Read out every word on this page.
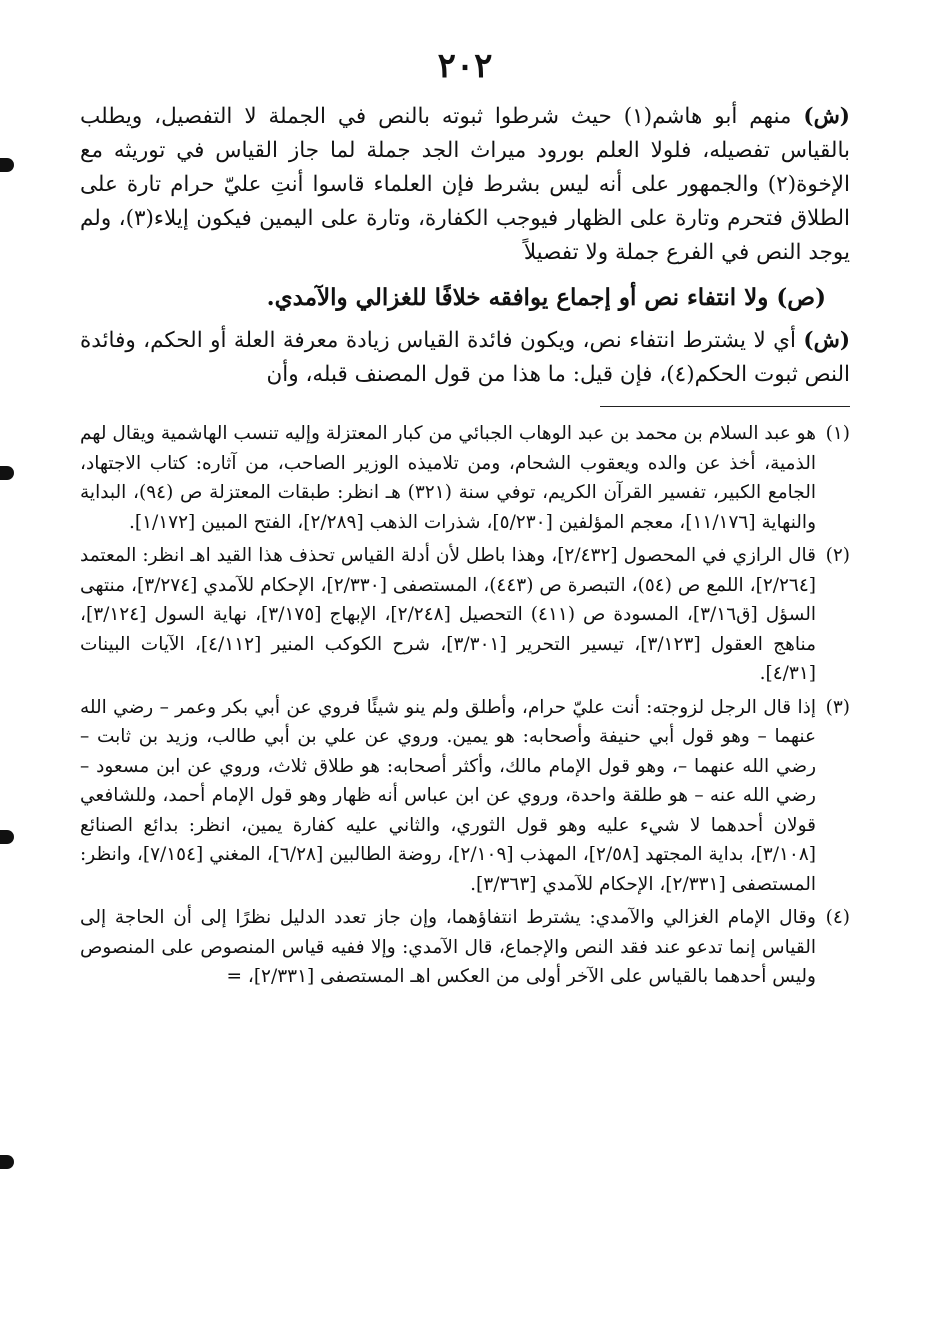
٢٠٢
(ش) منهم أبو هاشم(١) حيث شرطوا ثبوته بالنص في الجملة لا التفصيل، ويطلب بالقياس تفصيله، فلولا العلم بورود ميراث الجد جملة لما جاز القياس في توريثه مع الإخوة(٢) والجمهور على أنه ليس بشرط فإن العلماء قاسوا أنتِ عليّ حرام تارة على الطلاق فتحرم وتارة على الظهار فيوجب الكفارة، وتارة على اليمين فيكون إيلاء(٣)، ولم يوجد النص في الفرع جملة ولا تفصيلاً
(ص) ولا انتفاء نص أو إجماع يوافقه خلافًا للغزالي والآمدي.
(ش) أي لا يشترط انتفاء نص، ويكون فائدة القياس زيادة معرفة العلة أو الحكم، وفائدة النص ثبوت الحكم(٤)، فإن قيل: ما هذا من قول المصنف قبله، وأن
(١)
هو عبد السلام بن محمد بن عبد الوهاب الجبائي من كبار المعتزلة وإليه تنسب الهاشمية ويقال لهم الذمية، أخذ عن والده ويعقوب الشحام، ومن تلاميذه الوزير الصاحب، من آثاره: كتاب الاجتهاد، الجامع الكبير، تفسير القرآن الكريم، توفي سنة (٣٢١) هـ انظر: طبقات المعتزلة ص (٩٤)، البداية والنهاية [١١/١٧٦]، معجم المؤلفين [٥/٢٣٠]، شذرات الذهب [٢/٢٨٩]، الفتح المبين [١/١٧٢].
(٢)
قال الرازي في المحصول [٢/٤٣٢]، وهذا باطل لأن أدلة القياس تحذف هذا القيد اهـ انظر: المعتمد [٢/٢٦٤]، اللمع ص (٥٤)، التبصرة ص (٤٤٣)، المستصفى [٢/٣٣٠]، الإحكام للآمدي [٣/٢٧٤]، منتهى السؤل [ق٣/١٦]، المسودة ص (٤١١) التحصيل [٢/٢٤٨]، الإبهاج [٣/١٧٥]، نهاية السول [٣/١٢٤]، مناهج العقول [٣/١٢٣]، تيسير التحرير [٣/٣٠١]، شرح الكوكب المنير [٤/١١٢]، الآيات البينات [٤/٣١].
(٣)
إذا قال الرجل لزوجته: أنت عليّ حرام، وأطلق ولم ينو شيئًا فروي عن أبي بكر وعمر – رضي الله عنهما – وهو قول أبي حنيفة وأصحابه: هو يمين. وروي عن علي بن أبي طالب، وزيد بن ثابت – رضي الله عنهما –، وهو قول الإمام مالك، وأكثر أصحابه: هو طلاق ثلاث، وروي عن ابن مسعود – رضي الله عنه – هو طلقة واحدة، وروي عن ابن عباس أنه ظهار وهو قول الإمام أحمد، وللشافعي قولان أحدهما لا شيء عليه وهو قول الثوري، والثاني عليه كفارة يمين، انظر: بدائع الصنائع [٣/١٠٨]، بداية المجتهد [٢/٥٨]، المهذب [٢/١٠٩]، روضة الطالبين [٦/٢٨]، المغني [٧/١٥٤]، وانظر: المستصفى [٢/٣٣١]، الإحكام للآمدي [٣/٣٦٣].
(٤)
وقال الإمام الغزالي والآمدي: يشترط انتفاؤهما، وإن جاز تعدد الدليل نظرًا إلى أن الحاجة إلى القياس إنما تدعو عند فقد النص والإجماع، قال الآمدي: وإلا ففيه قياس المنصوص على المنصوص وليس أحدهما بالقياس على الآخر أولى من العكس اهـ المستصفى [٢/٣٣١]، =
